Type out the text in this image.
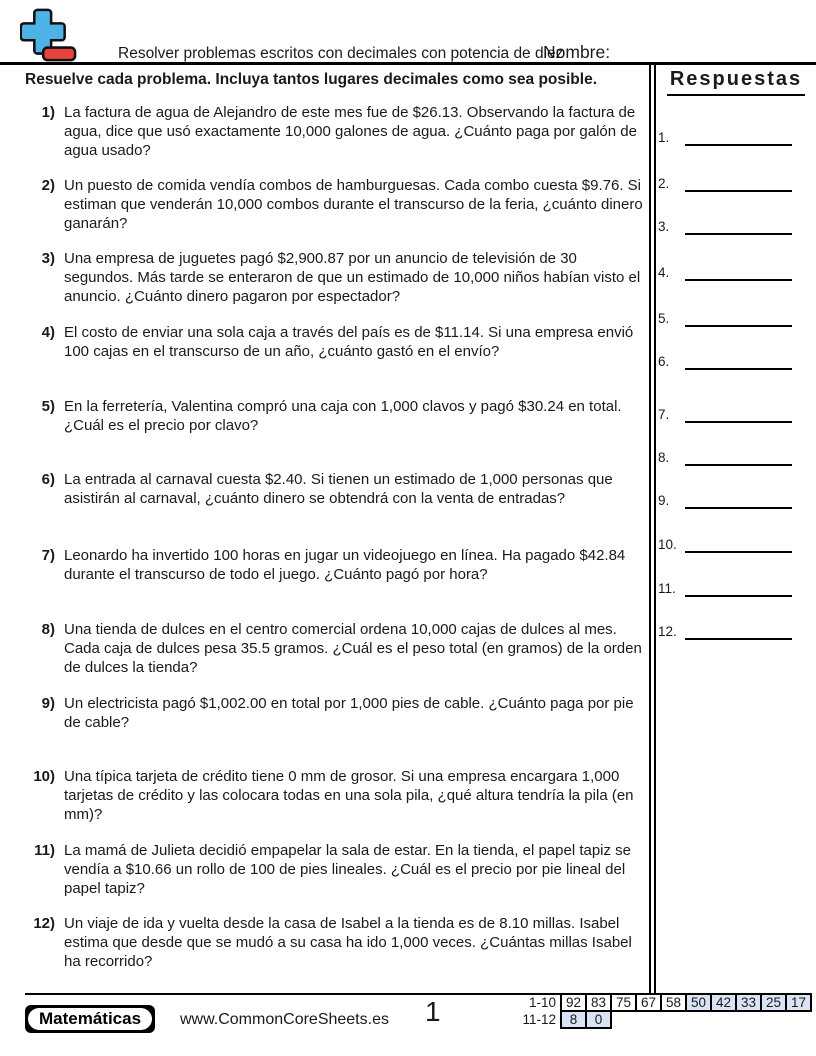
Resolver problemas escritos con decimales con potencia de diez
Nombre:
Resuelve cada problema. Incluya tantos lugares decimales como sea posible.	Respuestas
1.
2.
3.
4.
5.
6.
7.
8.
9.
10.
11.
12.
1) La factura de agua de Alejandro de este mes fue de $26.13. Observando la factura de agua, dice que usó exactamente 10,000 galones de agua. ¿Cuánto paga por galón de agua usado?
2) Un puesto de comida vendía combos de hamburguesas. Cada combo cuesta $9.76. Si estiman que venderán 10,000 combos durante el transcurso de la feria, ¿cuánto dinero ganarán?
3) Una empresa de juguetes pagó $2,900.87 por un anuncio de televisión de 30 segundos. Más tarde se enteraron de que un estimado de 10,000 niños habían visto el anuncio. ¿Cuánto dinero pagaron por espectador?
4) El costo de enviar una sola caja a través del país es de $11.14. Si una empresa envió 100 cajas en el transcurso de un año, ¿cuánto gastó en el envío?
5) En la ferretería, Valentina compró una caja con 1,000 clavos y pagó $30.24 en total. ¿Cuál es el precio por clavo?
6) La entrada al carnaval cuesta $2.40. Si tienen un estimado de 1,000 personas que asistirán al carnaval, ¿cuánto dinero se obtendrá con la venta de entradas?
7) Leonardo ha invertido 100 horas en jugar un videojuego en línea. Ha pagado $42.84 durante el transcurso de todo el juego. ¿Cuánto pagó por hora?
8) Una tienda de dulces en el centro comercial ordena 10,000 cajas de dulces al mes. Cada caja de dulces pesa 35.5 gramos. ¿Cuál es el peso total (en gramos) de la orden de dulces la tienda?
9) Un electricista pagó $1,002.00 en total por 1,000 pies de cable. ¿Cuánto paga por pie de cable?
10) Una típica tarjeta de crédito tiene 0 mm de grosor. Si una empresa encargara 1,000 tarjetas de crédito y las colocara todas en una sola pila, ¿qué altura tendría la pila (en mm)?
11) La mamá de Julieta decidió empapelar la sala de estar. En la tienda, el papel tapiz se vendía a $10.66 un rollo de 100 de pies lineales. ¿Cuál es el precio por pie lineal del papel tapiz?
12) Un viaje de ida y vuelta desde la casa de Isabel a la tienda es de 8.10 millas. Isabel estima que desde que se mudó a su casa ha ido 1,000 veces. ¿Cuántas millas Isabel ha recorrido?
Matemáticas	www.CommonCoreSheets.es 1	1-10 92 83 75 67 58 50 42 33 25 17
11-12	8	0
